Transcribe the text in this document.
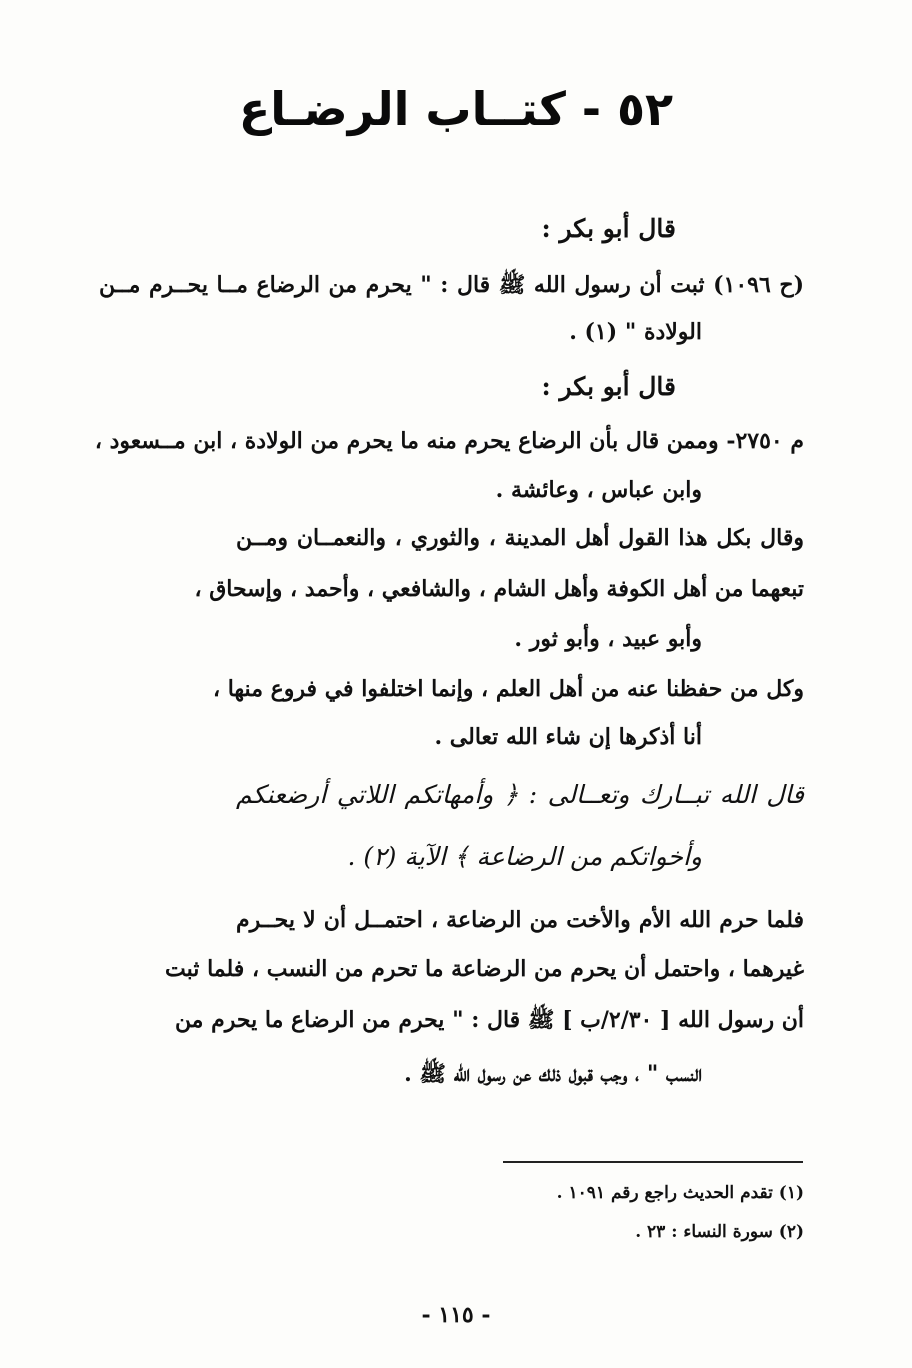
٥٢ - كتــاب الرضـاع
قال أبو بكر :
(ح ١٠٩٦) ثبت أن رسول الله ﷺ قال : " يحرم من الرضاع مــا يحــرم مــن
الولادة " (١) .
قال أبو بكر :
م ٢٧٥٠- وممن قال بأن الرضاع يحرم منه ما يحرم من الولادة ، ابن مــسعود ،
وابن عباس ، وعائشة .
وقال بكل هذا القول أهل المدينة ، والثوري ، والنعمــان ومــن
تبعهما من أهل الكوفة وأهل الشام ، والشافعي ، وأحمد ، وإسحاق ،
وأبو عبيد ، وأبو ثور .
وكل من حفظنا عنه من أهل العلم ، وإنما اختلفوا في فروع منها ،
أنا أذكرها إن شاء الله تعالى .
قال الله تبــارك وتعــالى : ﴿ وأمهاتكم اللاتي أرضعنكم
وأخواتكم من الرضاعة ﴾ الآية (٢) .
فلما حرم الله الأم والأخت من الرضاعة ، احتمــل أن لا يحــرم
غيرهما ، واحتمل أن يحرم من الرضاعة ما تحرم من النسب ، فلما ثبت
أن رسول الله [ ٢/٣٠/ب ] ﷺ قال : " يحرم من الرضاع ما يحرم من
النسب " ، وجب قبول ذلك عن رسول الله ﷺ .
(١) تقدم الحديث راجع رقم ١٠٩١ .
(٢) سورة النساء : ٢٣ .
- ١١٥ -
